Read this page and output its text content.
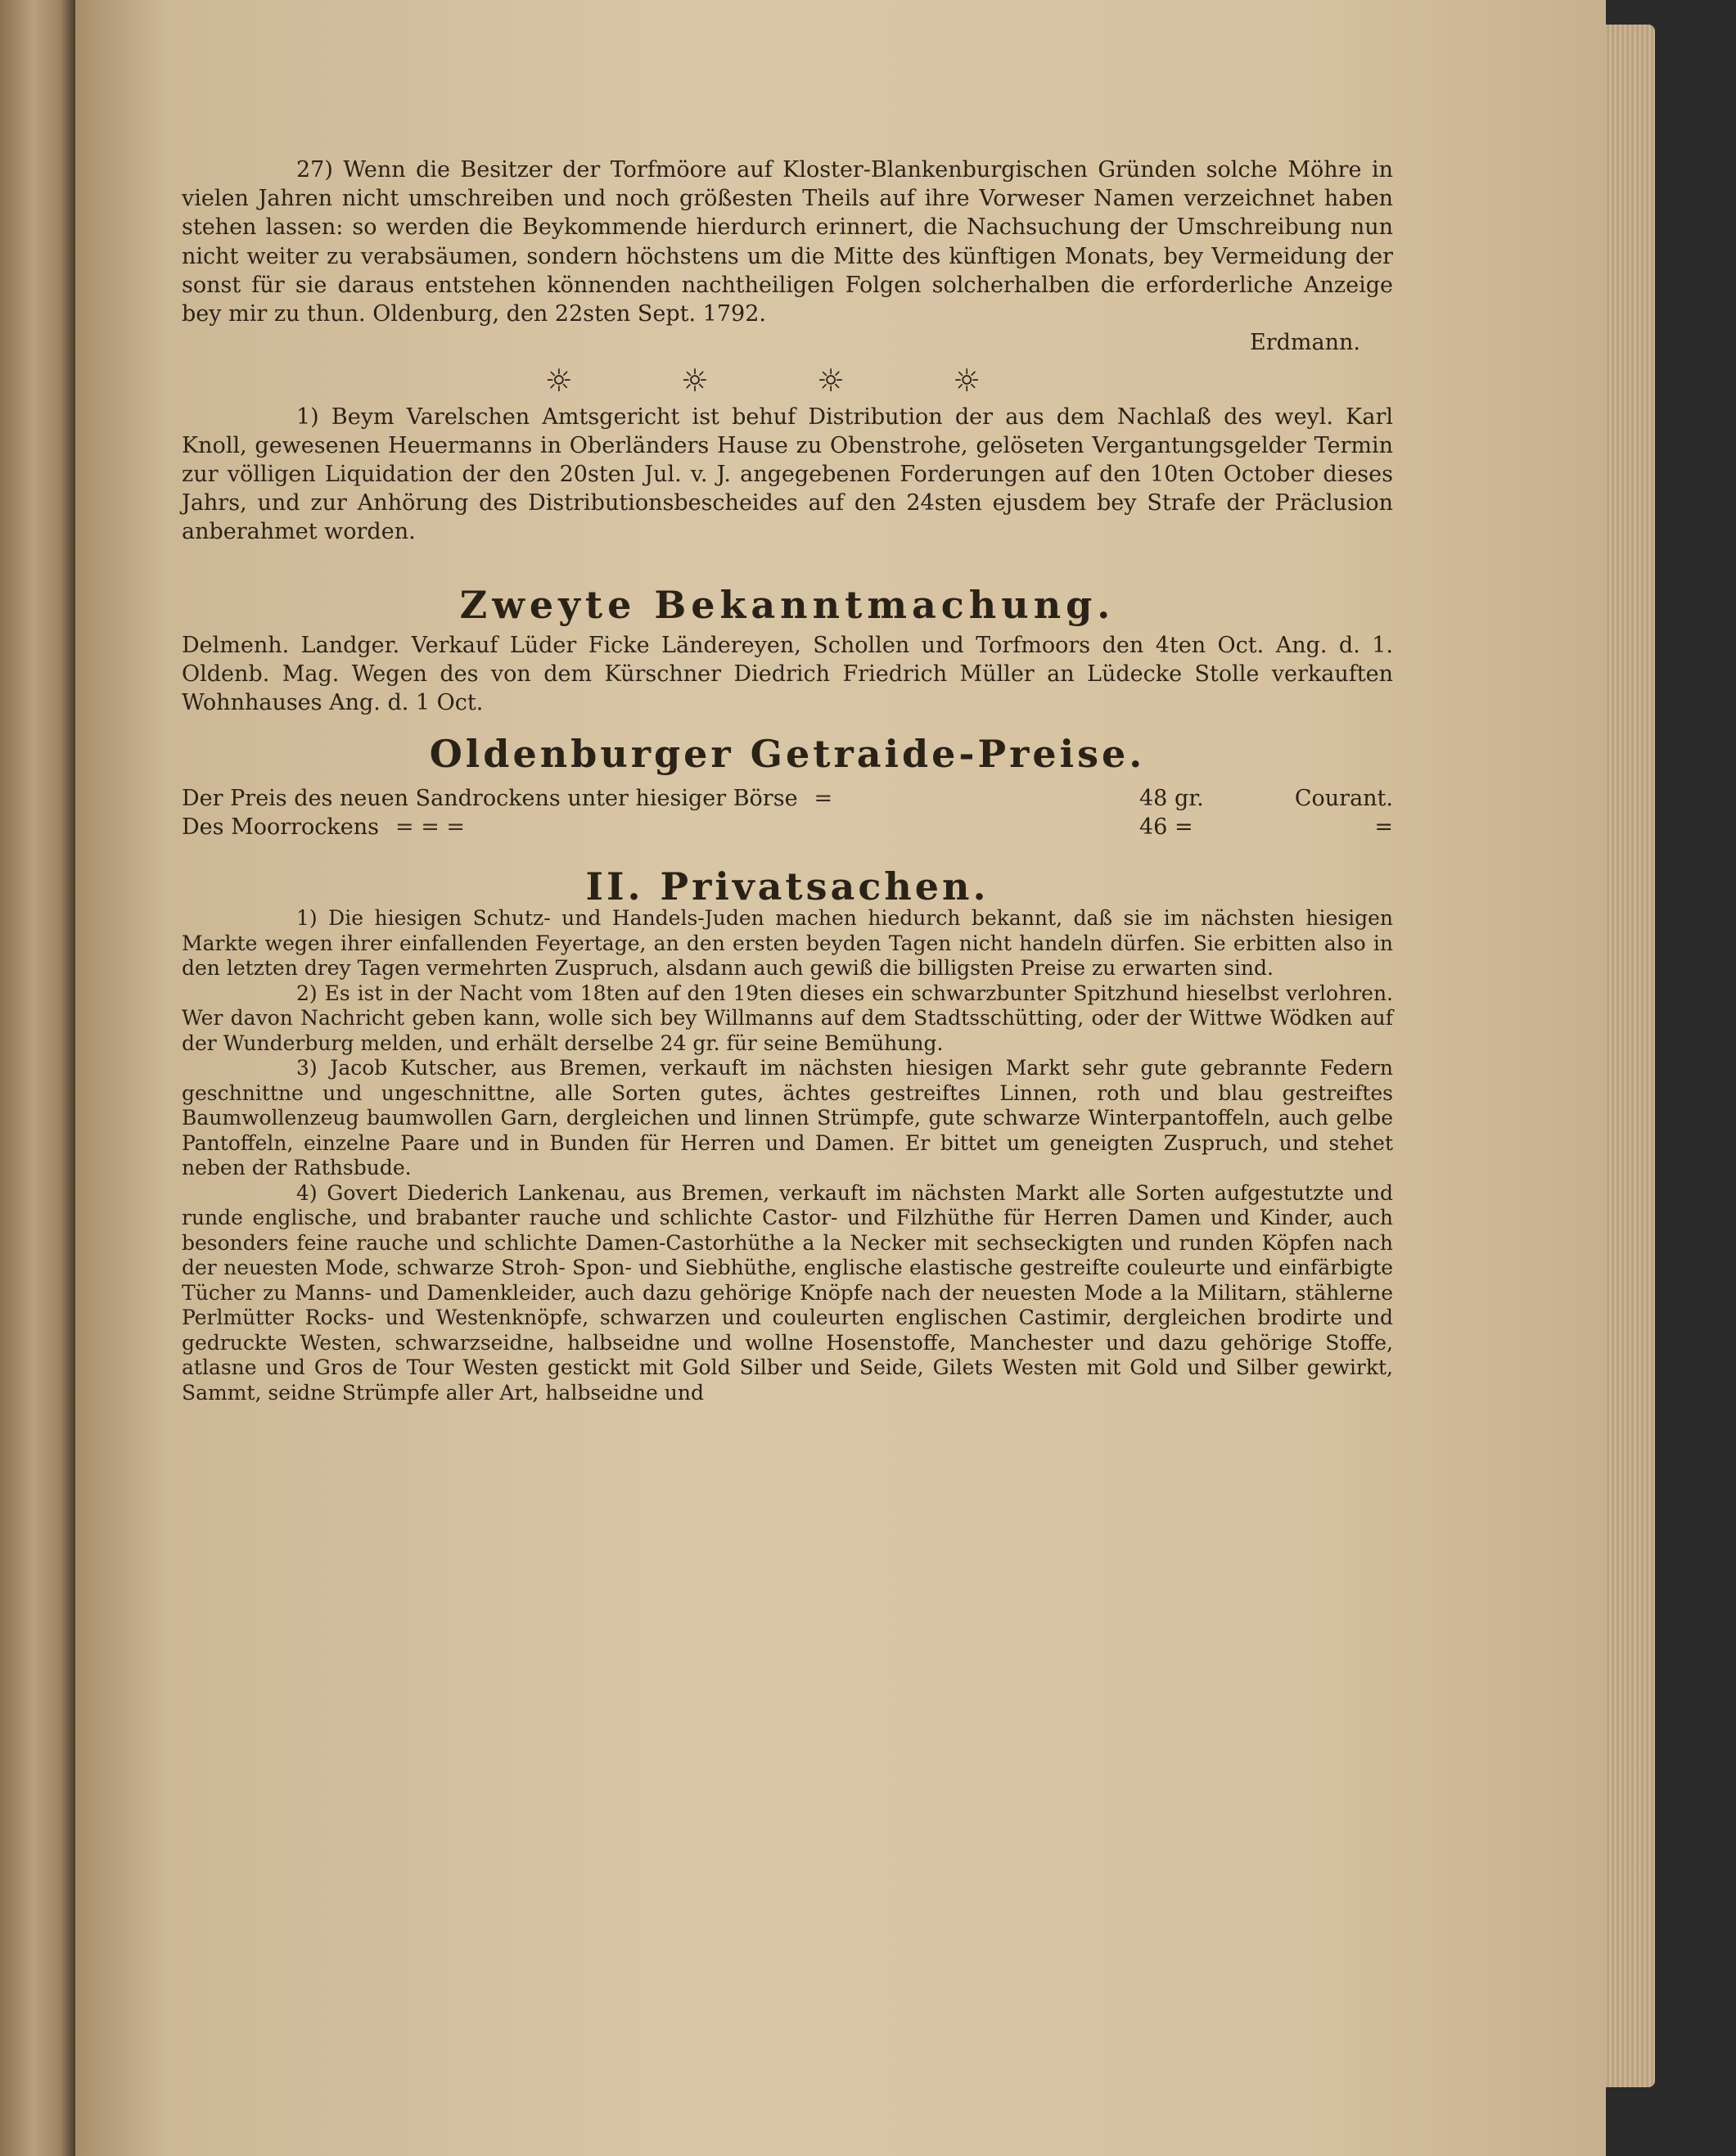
27) Wenn die Besitzer der Torfmöore auf Kloster-Blankenburgischen Gründen solche Möhre in vielen Jahren nicht umschreiben und noch größesten Theils auf ihre Vorweser Namen verzeichnet haben stehen lassen: so werden die Beykommende hierdurch erinnert, die Nachsuchung der Umschreibung nun nicht weiter zu verabsäumen, sondern höchstens um die Mitte des künftigen Monats, bey Vermeidung der sonst für sie daraus entstehen könnenden nachtheiligen Folgen solcherhalben die erforderliche Anzeige bey mir zu thun. Oldenburg, den 22sten Sept. 1792.

Erdmann.

☼ ☼ ☼ ☼

1) Beym Varelschen Amtsgericht ist behuf Distribution der aus dem Nachlaß des weyl. Karl Knoll, gewesenen Heuermanns in Oberländers Hause zu Obenstrohe, gelöseten Vergantungsgelder Termin zur völligen Liquidation der den 20sten Jul. v. J. angegebenen Forderungen auf den 10ten October dieses Jahrs, und zur Anhörung des Distributionsbescheides auf den 24sten ejusdem bey Strafe der Präclusion anberahmet worden.

Zweyte Bekanntmachung.

Delmenh. Landger. Verkauf Lüder Ficke Ländereyen, Schollen und Torfmoors den 4ten Oct. Ang. d. 1. Oldenb. Mag. Wegen des von dem Kürschner Diedrich Friedrich Müller an Lüdecke Stolle verkauften Wohnhauses Ang. d. 1 Oct.

Oldenburger Getraide-Preise.
Der Preis des neuen Sandrockens unter hiesiger Börse =	48 gr.	Courant.
Des Moorrockens = = =	46 =	=
II. Privatsachen.

1) Die hiesigen Schutz- und Handels-Juden machen hiedurch bekannt, daß sie im nächsten hiesigen Markte wegen ihrer einfallenden Feyertage, an den ersten beyden Tagen nicht handeln dürfen. Sie erbitten also in den letzten drey Tagen vermehrten Zuspruch, alsdann auch gewiß die billigsten Preise zu erwarten sind.

2) Es ist in der Nacht vom 18ten auf den 19ten dieses ein schwarzbunter Spitzhund hieselbst verlohren. Wer davon Nachricht geben kann, wolle sich bey Willmanns auf dem Stadtsschütting, oder der Wittwe Wödken auf der Wunderburg melden, und erhält derselbe 24 gr. für seine Bemühung.

3) Jacob Kutscher, aus Bremen, verkauft im nächsten hiesigen Markt sehr gute gebrannte Federn geschnittne und ungeschnittne, alle Sorten gutes, ächtes gestreiftes Linnen, roth und blau gestreiftes Baumwollenzeug baumwollen Garn, dergleichen und linnen Strümpfe, gute schwarze Winterpantoffeln, auch gelbe Pantoffeln, einzelne Paare und in Bunden für Herren und Damen. Er bittet um geneigten Zuspruch, und stehet neben der Rathsbude.

4) Govert Diederich Lankenau, aus Bremen, verkauft im nächsten Markt alle Sorten aufgestutzte und runde englische, und brabanter rauche und schlichte Castor- und Filzhüthe für Herren Damen und Kinder, auch besonders feine rauche und schlichte Damen-Castorhüthe a la Necker mit sechseckigten und runden Köpfen nach der neuesten Mode, schwarze Stroh- Spon- und Siebhüthe, englische elastische gestreifte couleurte und einfärbigte Tücher zu Manns- und Damenkleider, auch dazu gehörige Knöpfe nach der neuesten Mode a la Militarn, stählerne Perlmütter Rocks- und Westenknöpfe, schwarzen und couleurten englischen Castimir, dergleichen brodirte und gedruckte Westen, schwarzseidne, halbseidne und wollne Hosenstoffe, Manchester und dazu gehörige Stoffe, atlasne und Gros de Tour Westen gestickt mit Gold Silber und Seide, Gilets Westen mit Gold und Silber gewirkt, Sammt, seidne Strümpfe aller Art, halbseidne und
